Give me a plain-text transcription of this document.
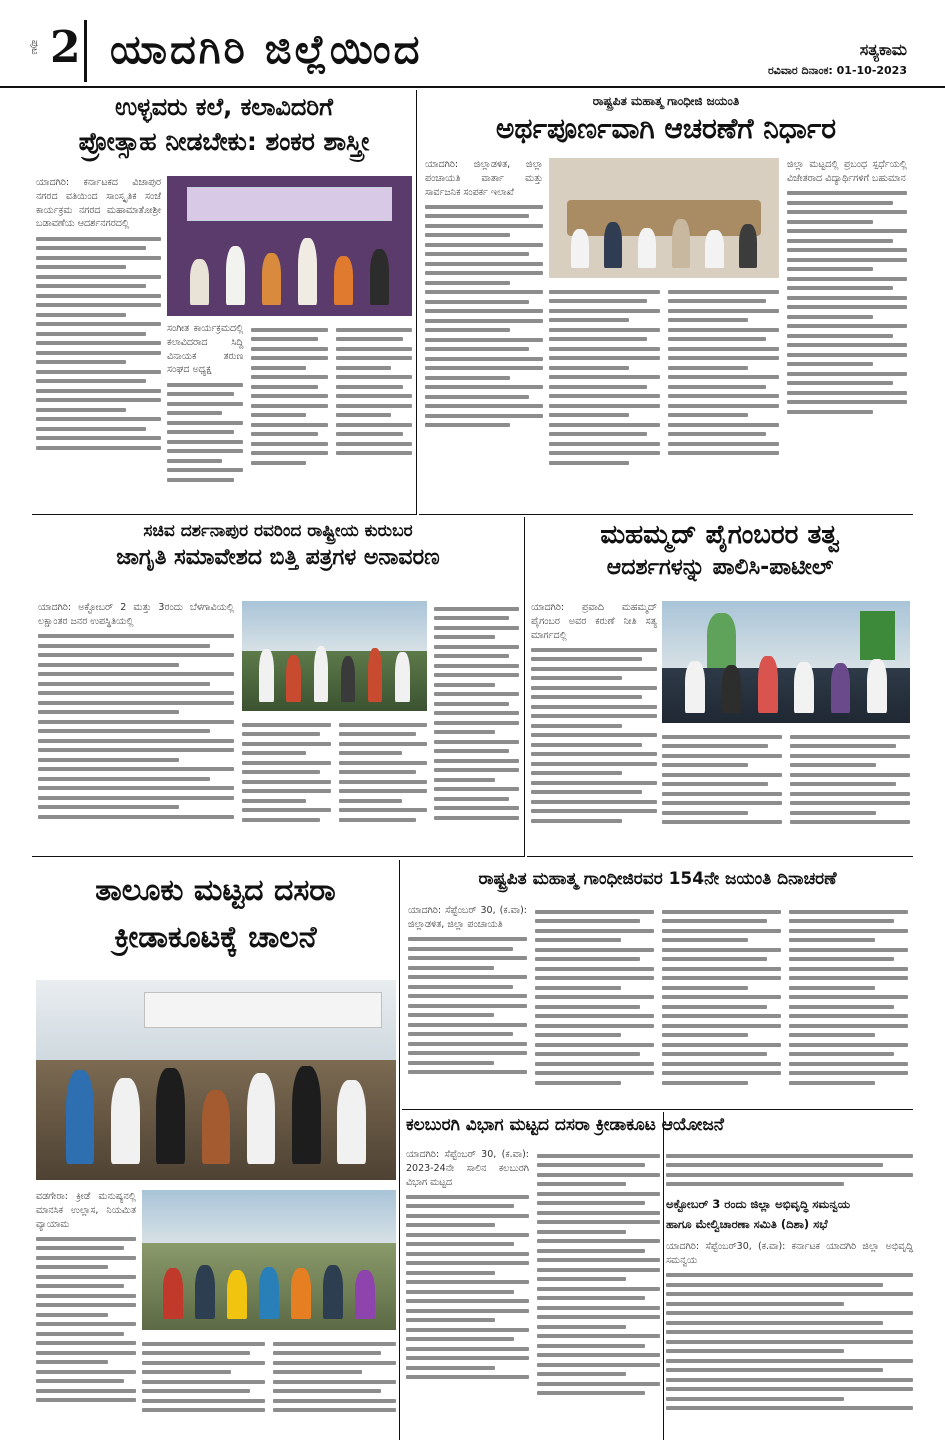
ಪುಟ 2 ಯಾದಗಿರಿ ಜಿಲ್ಲೆಯಿಂದ	ಸತ್ಯಕಾಮ
ರವಿವಾರ ದಿನಾಂಕ: 01-10-2023
ಉಳ್ಳವರು ಕಲೆ, ಕಲಾವಿದರಿಗೆ
ಪ್ರೋತ್ಸಾಹ ನೀಡಬೇಕು: ಶಂಕರ ಶಾಸ್ತ್ರೀ
ಯಾದಗಿರಿ: ಕರ್ನಾಟಕದ ವಿಜಾಪುರ ನಗರದ ವತಿಯಿಂದ ಸಾಂಸ್ಕೃತಿಕ ಸಂಜೆ ಕಾರ್ಯಕ್ರಮ ನಗರದ ಮಹಾಮಾತೋಶ್ರೀ ಬಡಾವಣೆಯ ಆದರ್ಶನಗರದಲ್ಲಿ
ಸಂಗೀತ ಕಾರ್ಯಕ್ರಮದಲ್ಲಿ ಕಲಾವಿದರಾದ ಸಿದ್ದಿ ವಿನಾಯಕ ತರುಣ ಸಂಘದ ಅಧ್ಯಕ್ಷ
ರಾಷ್ಟ್ರಪಿತ ಮಹಾತ್ಮ ಗಾಂಧೀಜಿ ಜಯಂತಿ
ಅರ್ಥಪೂರ್ಣವಾಗಿ ಆಚರಣೆಗೆ ನಿರ್ಧಾರ
ಯಾದಗಿರಿ: ಜಿಲ್ಲಾಡಳಿತ, ಜಿಲ್ಲಾ ಪಂಚಾಯತಿ ವಾರ್ತಾ ಮತ್ತು ಸಾರ್ವಜನಿಕ ಸಂಪರ್ಕ ಇಲಾಖೆ
ಜಿಲ್ಲಾ ಮಟ್ಟದಲ್ಲಿ ಪ್ರಬಂಧ ಸ್ಪರ್ಧೆಯಲ್ಲಿ ವಿಜೇತರಾದ ವಿದ್ಯಾರ್ಥಿಗಳಿಗೆ ಬಹುಮಾನ
ಸಚಿವ ದರ್ಶನಾಪುರ ರವರಿಂದ ರಾಷ್ಟ್ರೀಯ ಕುರುಬರ
ಜಾಗೃತಿ ಸಮಾವೇಶದ ಬಿತ್ತಿ ಪತ್ರಗಳ ಅನಾವರಣ
ಯಾದಗಿರಿ: ಅಕ್ಟೋಬರ್ 2 ಮತ್ತು 3ರಂದು ಬೆಳಗಾವಿಯಲ್ಲಿ ಲಕ್ಷಾಂತರ ಜನರ ಉಪಸ್ಥಿತಿಯಲ್ಲಿ
ಮಹಮ್ಮದ್ ಪೈಗಂಬರರ ತತ್ವ
ಆದರ್ಶಗಳನ್ನು ಪಾಲಿಸಿ-ಪಾಟೀಲ್
ಯಾದಗಿರಿ: ಪ್ರವಾದಿ ಮಹಮ್ಮದ್ ಪೈಗಂಬರ ಅವರ ಕರುಣೆ ನೀತಿ ಸತ್ಯ ಮಾರ್ಗದಲ್ಲಿ
ತಾಲೂಕು ಮಟ್ಟದ ದಸರಾ
ಕ್ರೀಡಾಕೂಟಕ್ಕೆ ಚಾಲನೆ
ವಡಗೇರಾ: ಕ್ರೀಡೆ ಮನುಷ್ಯನಲ್ಲಿ ಮಾನಸಿಕ ಉಲ್ಲಾಸ, ನಿಯಮಿತ ವ್ಯಾಯಾಮ
ರಾಷ್ಟ್ರಪಿತ ಮಹಾತ್ಮ ಗಾಂಧೀಜಿರವರ 154ನೇ ಜಯಂತಿ ದಿನಾಚರಣೆ
ಯಾದಗಿರಿ: ಸೆಪ್ಟೆಂಬರ್ 30, (ಕ.ವಾ): ಜಿಲ್ಲಾಡಳಿತ, ಜಿಲ್ಲಾ ಪಂಚಾಯತಿ
ಕಲಬುರಗಿ ವಿಭಾಗ ಮಟ್ಟದ ದಸರಾ ಕ್ರೀಡಾಕೂಟ ಆಯೋಜನೆ
ಯಾದಗಿರಿ: ಸೆಪ್ಟೆಂಬರ್ 30, (ಕ.ವಾ): 2023-24ನೇ ಸಾಲಿನ ಕಲಬುರಗಿ ವಿಭಾಗ ಮಟ್ಟದ
ಅಕ್ಟೋಬರ್ 3 ರಂದು ಜಿಲ್ಲಾ ಅಭಿವೃದ್ಧಿ ಸಮನ್ವಯ
ಹಾಗೂ ಮೇಲ್ವಿಚಾರಣಾ ಸಮಿತಿ (ದಿಶಾ) ಸಭೆ
ಯಾದಗಿರಿ: ಸೆಪ್ಟೆಂಬರ್30, (ಕ.ವಾ): ಕರ್ನಾಟಕ ಯಾದಗಿರಿ ಜಿಲ್ಲಾ ಅಭಿವೃದ್ಧಿ ಸಮನ್ವಯ
